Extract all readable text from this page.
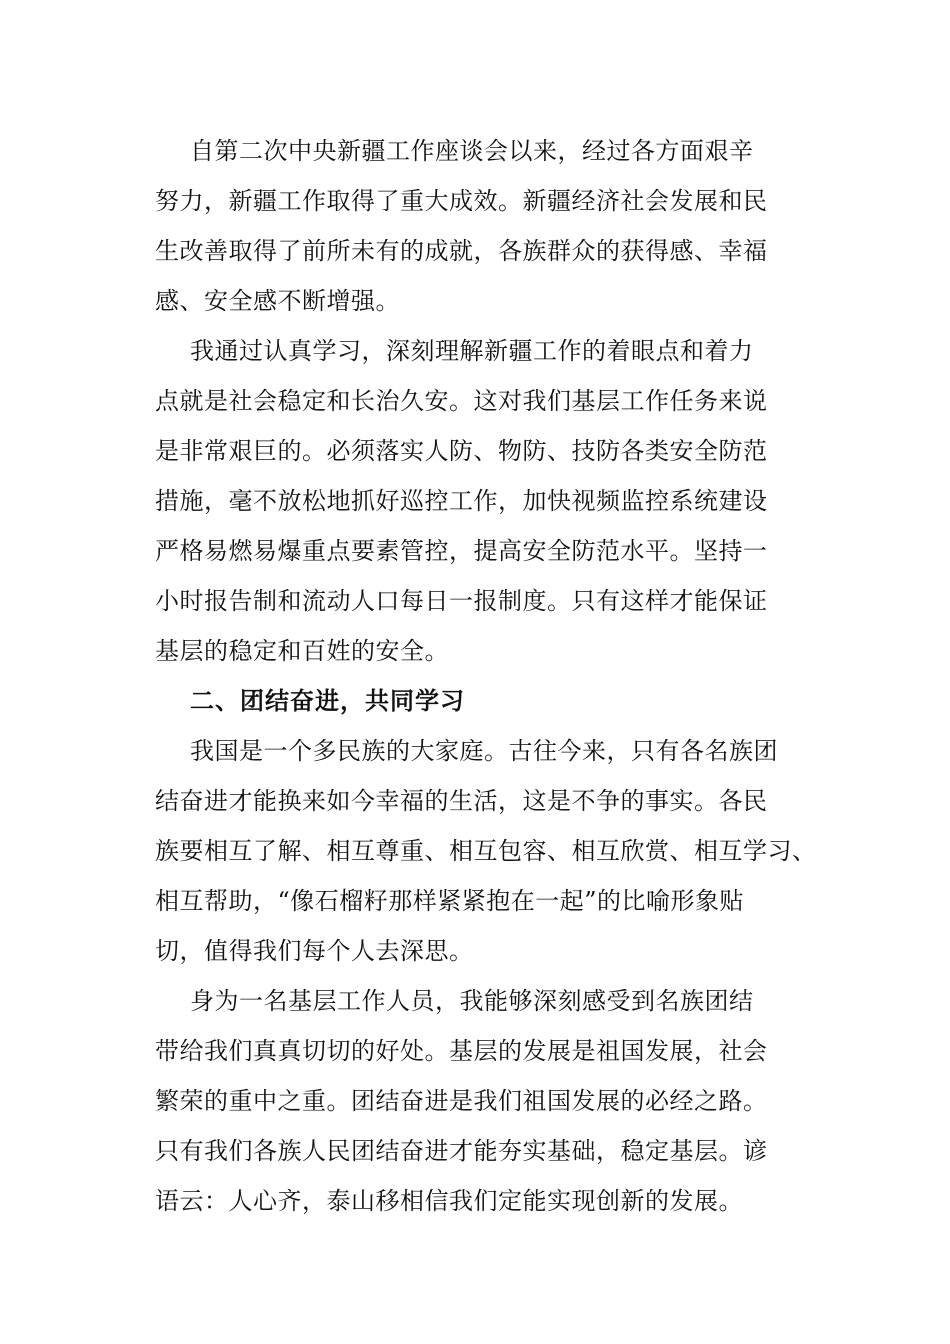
自第二次中央新疆工作座谈会以来，经过各方面艰辛
努力，新疆工作取得了重大成效。新疆经济社会发展和民
生改善取得了前所未有的成就，各族群众的获得感、幸福
感、安全感不断增强。
我通过认真学习，深刻理解新疆工作的着眼点和着力
点就是社会稳定和长治久安。这对我们基层工作任务来说
是非常艰巨的。必须落实人防、物防、技防各类安全防范
措施，毫不放松地抓好巡控工作，加快视频监控系统建设
严格易燃易爆重点要素管控，提高安全防范水平。坚持一
小时报告制和流动人口每日一报制度。只有这样才能保证
基层的稳定和百姓的安全。
二、团结奋进，共同学习
我国是一个多民族的大家庭。古往今来，只有各名族团
结奋进才能换来如今幸福的生活，这是不争的事实。各民
族要相互了解、相互尊重、相互包容、相互欣赏、相互学习、
相互帮助，“像石榴籽那样紧紧抱在一起”的比喻形象贴
切，值得我们每个人去深思。
身为一名基层工作人员，我能够深刻感受到名族团结
带给我们真真切切的好处。基层的发展是祖国发展，社会
繁荣的重中之重。团结奋进是我们祖国发展的必经之路。
只有我们各族人民团结奋进才能夯实基础，稳定基层。谚
语云：人心齐，泰山移相信我们定能实现创新的发展。
